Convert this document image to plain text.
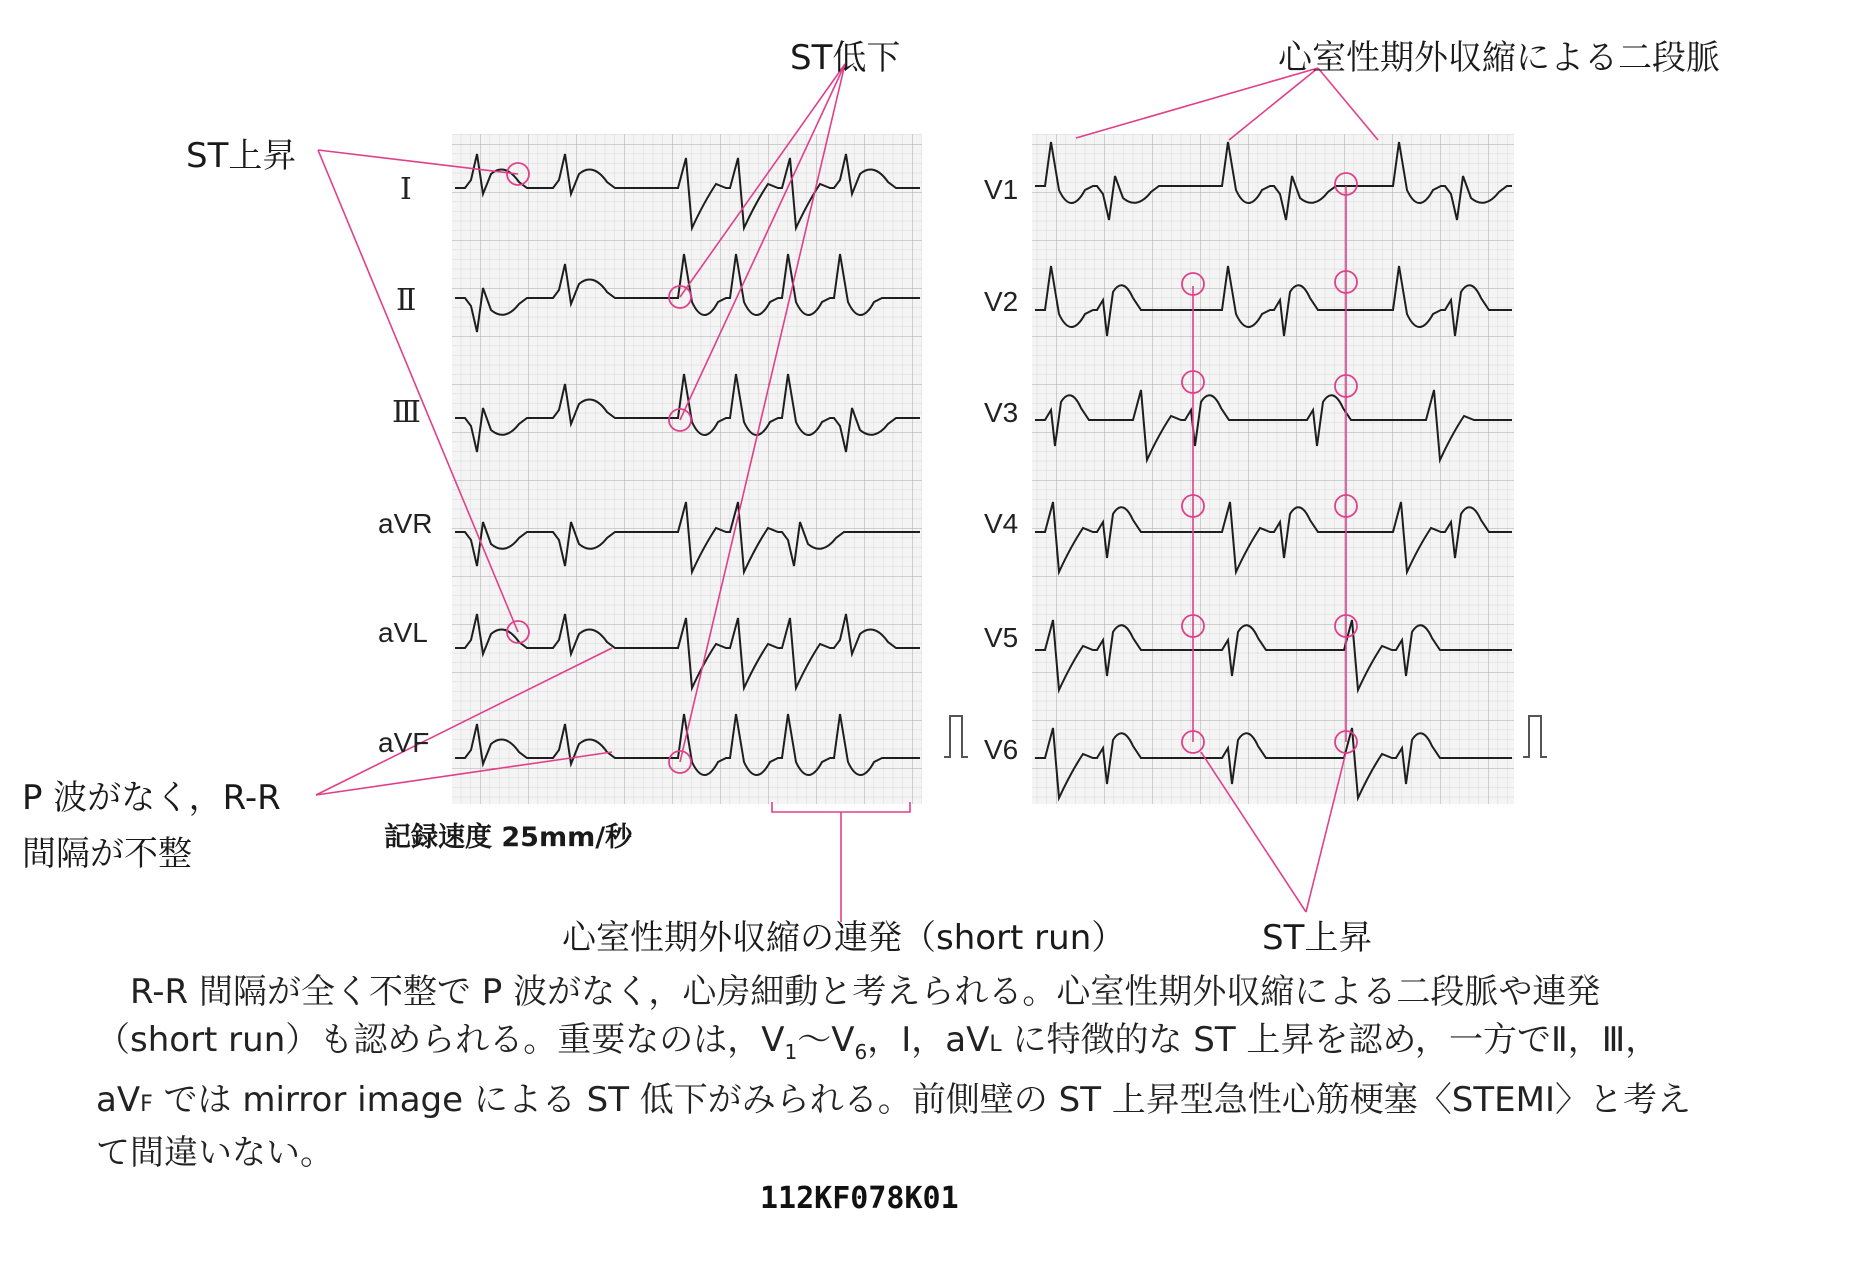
Ⅰ
Ⅱ
Ⅲ
aVR
aVL
aVF
V1
V2
V3
V4
V5
V6
ST低下	心室性期外収縮による二段脈
ST上昇
P 波がなく，R-R
間隔が不整
心室性期外収縮の連発（short run）	ST上昇
記録速度 25mm/秒

　R-R 間隔が全く不整で P 波がなく，心房細動と考えられる。心室性期外収縮による二段脈や連発

（short run）も認められる。重要なのは，$V_1\sim V_6$，Ⅰ，aVL に特徴的な ST 上昇を認め，一方でⅡ，Ⅲ，

aVF では mirror image による ST 低下がみられる。前側壁の ST 上昇型急性心筋梗塞〈STEMI〉と考え

て間違いない。

112KF078K01
